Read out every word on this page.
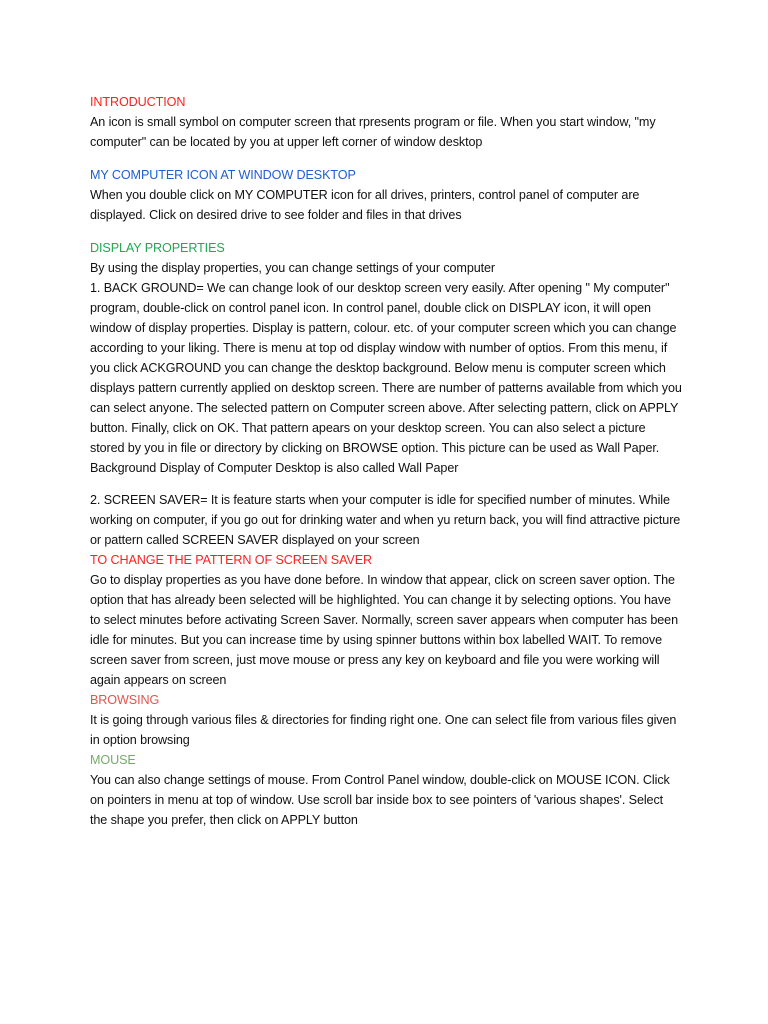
INTRODUCTION

An icon is small symbol on computer screen that rpresents program or file. When you start window, "my computer" can be located by you at upper left corner of window desktop

MY COMPUTER ICON AT WINDOW DESKTOP

When you double click on MY COMPUTER icon for all drives, printers, control panel of computer are displayed. Click on desired drive to see folder and files in that drives

DISPLAY PROPERTIES

By using the display properties, you can change settings of your computer

1. BACK GROUND= We can change look of our desktop screen very easily. After opening " My computer'' program, double-click on control panel icon. In control panel, double click on DISPLAY icon, it will open window of display properties. Display is pattern, colour. etc. of your computer screen which you can change according to your liking. There is menu at top od display window with number of optios. From this menu, if you click ACKGROUND you can change the desktop background. Below menu is computer screen which displays pattern currently applied on desktop screen. There are number of patterns available from which you can select anyone. The selected pattern on Computer screen above. After selecting pattern, click on APPLY button. Finally, click on OK. That pattern apears on your desktop screen. You can also select a picture stored by you in file or directory by clicking on BROWSE option. This picture can be used as Wall Paper. Background Display of Computer Desktop is also called Wall Paper

2. SCREEN SAVER= It is feature starts when your computer is idle for specified number of minutes. While working on computer, if you go out for drinking water and when yu return back, you will find attractive picture or pattern called SCREEN SAVER displayed on your screen

TO CHANGE THE PATTERN OF SCREEN SAVER

Go to display properties as you have done before. In window that appear, click on screen saver option. The option that has already been selected will be highlighted. You can change it by selecting options. You have to select minutes before activating Screen Saver. Normally, screen saver appears when computer has been idle for minutes. But you can increase time by using spinner buttons within box labelled WAIT. To remove screen saver from screen, just move mouse or press any key on keyboard and file you were working will again appears on screen

BROWSING

It is going through various files & directories for finding right one. One can select file from various files given in option browsing

MOUSE

You can also change settings of mouse. From Control Panel window, double-click on MOUSE ICON. Click on pointers in menu at top of window. Use scroll bar inside box to see pointers of 'various shapes'. Select the shape you prefer, then click on APPLY button
